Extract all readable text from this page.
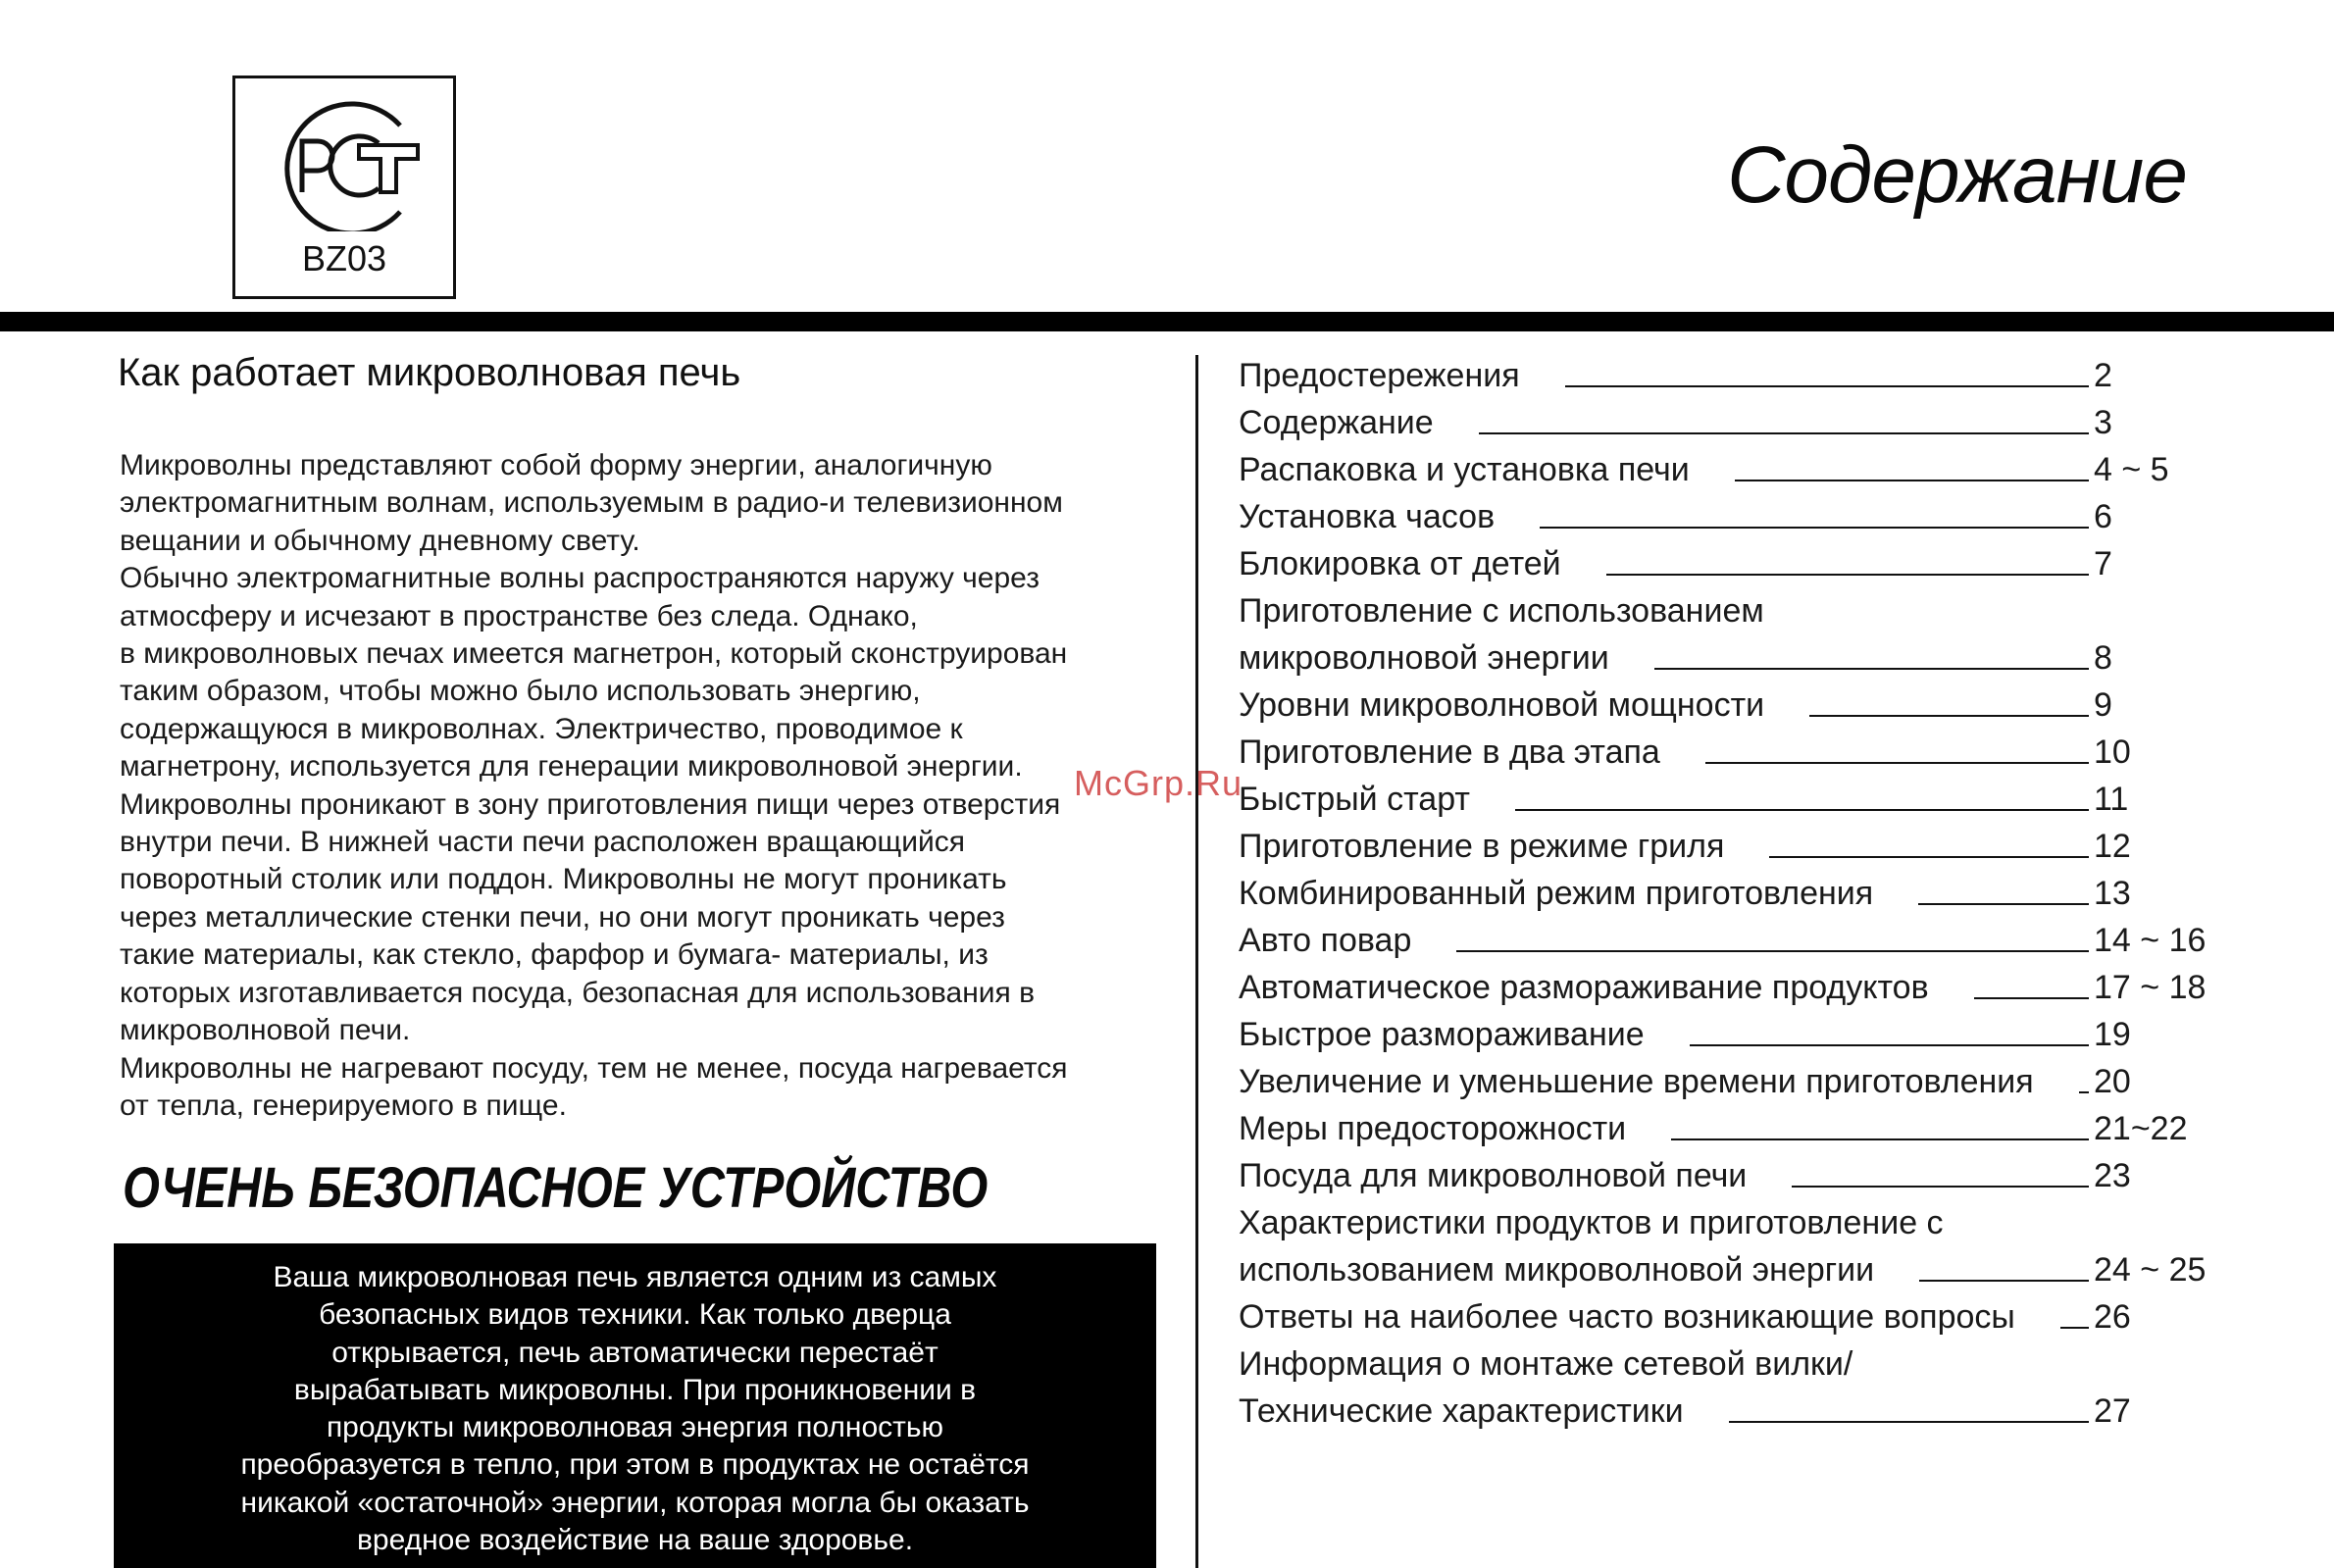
BZ03
Содержание
Как работает микроволновая печь

Микроволны представляют собой форму энергии, аналогичную

электромагнитным волнам, используемым в радио-и телевизионном

вещании и обычному дневному свету.

Обычно электромагнитные волны распространяются наружу через

атмосферу и исчезают в пространстве без следа. Однако,

в микроволновых печах имеется магнетрон, который сконструирован

таким образом, чтобы можно было использовать энергию,

содержащуюся в микроволнах. Электричество, проводимое к

магнетрону, используется для генерации микроволновой энергии.

Микроволны проникают в зону приготовления пищи через отверстия

внутри печи. В нижней части печи расположен вращающийся

поворотный столик или поддон. Микроволны не могут проникать

через металлические стенки печи, но они могут проникать через

такие материалы, как стекло, фарфор и бумага- материалы, из

которых изготавливается посуда, безопасная для использования в

микроволновой печи.

Микроволны не нагревают посуду, тем не менее, посуда нагревается

от тепла, генерируемого в пище.

McGrp.Ru
ОЧЕНЬ БЕЗОПАСНОЕ УСТРОЙСТВО

Ваша микроволновая печь является одним из самых

безопасных видов техники. Как только дверца

открывается, печь автоматически перестаёт

вырабатывать микроволны. При проникновении в

продукты микроволновая энергия полностью

преобразуется в тепло, при этом в продуктах не остаётся

никакой «остаточной» энергии, которая могла бы оказать

вредное воздействие на ваше здоровье.

Предостережения	2
Содержание	3
Распаковка и установка печи	4 ~ 5
Установка часов	6
Блокировка от детей	7
Приготовление с использованием
микроволновой энергии	8
Уровни микроволновой мощности	9
Приготовление в два этапа	10
Быстрый старт	11
Приготовление в режиме гриля	12
Комбинированный режим приготовления	13
Авто повар	14 ~ 16
Автоматическое размораживание продуктов	17 ~ 18
Быстрое размораживание	19
Увеличение и уменьшение времени приготовления 20
Меры предосторожности	21~22
Посуда для микроволновой печи	23
Характеристики продуктов и приготовление с
использованием микроволновой энергии	24 ~ 25
Ответы на наиболее часто возникающие вопросы 26
Информация о монтаже сетевой вилки/
Технические характеристики	27
